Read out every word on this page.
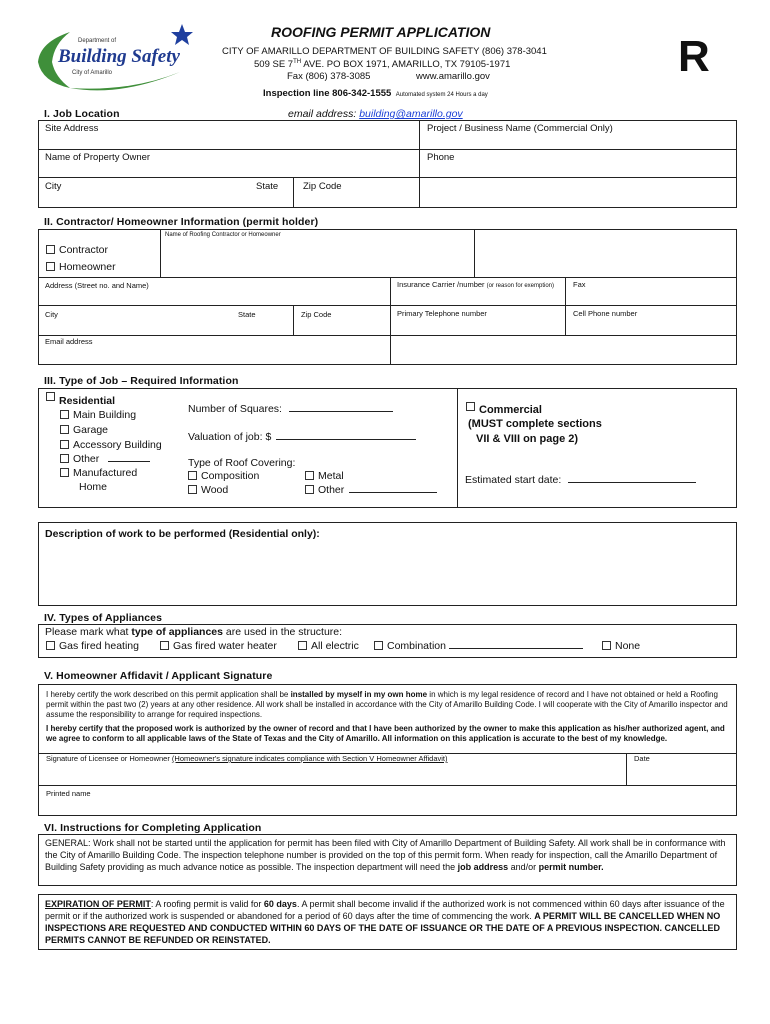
Department of
Building Safety
City of Amarillo
ROOFING PERMIT APPLICATION
CITY OF AMARILLO DEPARTMENT OF BUILDING SAFETY (806) 378-3041
509 SE 7TH AVE. PO BOX 1971, AMARILLO, TX 79105-1971
Fax (806) 378-3085	www.amarillo.gov
Inspection line 806-342-1555 Automated system 24 Hours a day
R
I. Job Location	email address: building@amarillo.gov
Site Address	Project / Business Name (Commercial Only)
Name of Property Owner	Phone
City	State	Zip Code
II. Contractor/ Homeowner Information (permit holder)
Name of Roofing Contractor or Homeowner
Contractor
Homeowner
Address (Street no. and Name)	Insurance Carrier /number (or reason for exemption)	Fax
City	State	Zip Code	Primary Telephone number	Cell Phone number
Email address
III. Type of Job – Required Information
Residential
Main Building
Garage
Accessory Building
Other
Manufactured
Home
Number of Squares:
Valuation of job: $
Type of Roof Covering:
Composition
Wood
Metal
Other
Commercial
(MUST complete sections
VII & VIII on page 2)
Estimated start date:
Description of work to be performed (Residential only):
IV. Types of Appliances
Please mark what type of appliances are used in the structure:
Gas fired heating	Gas fired water heater	All electric	Combination	None
V. Homeowner Affidavit / Applicant Signature
I hereby certify the work described on this permit application shall be installed by myself in my own home in which is my legal residence of record and I have not obtained or held a Roofing permit within the past two (2) years at any other residence. All work shall be installed in accordance with the City of Amarillo Building Code. I will cooperate with the City of Amarillo inspector and assume the responsibility to arrange for required inspections.
I hereby certify that the proposed work is authorized by the owner of record and that I have been authorized by the owner to make this application as his/her authorized agent, and we agree to conform to all applicable laws of the State of Texas and the City of Amarillo. All information on this application is accurate to the best of my knowledge.
Signature of Licensee or Homeowner (Homeowner's signature indicates compliance with Section V Homeowner Affidavit)	Date
Printed name
VI. Instructions for Completing Application
GENERAL: Work shall not be started until the application for permit has been filed with City of Amarillo Department of Building Safety. All work shall be in conformance with the City of Amarillo Building Code. The inspection telephone number is provided on the top of this permit form. When ready for inspection, call the Amarillo Department of Building Safety providing as much advance notice as possible. The inspection department will need the job address and/or permit number.
EXPIRATION OF PERMIT: A roofing permit is valid for 60 days. A permit shall become invalid if the authorized work is not commenced within 60 days after issuance of the permit or if the authorized work is suspended or abandoned for a period of 60 days after the time of commencing the work. A PERMIT WILL BE CANCELLED WHEN NO INSPECTIONS ARE REQUESTED AND CONDUCTED WITHIN 60 DAYS OF THE DATE OF ISSUANCE OR THE DATE OF A PREVIOUS INSPECTION. CANCELLED PERMITS CANNOT BE REFUNDED OR REINSTATED.
